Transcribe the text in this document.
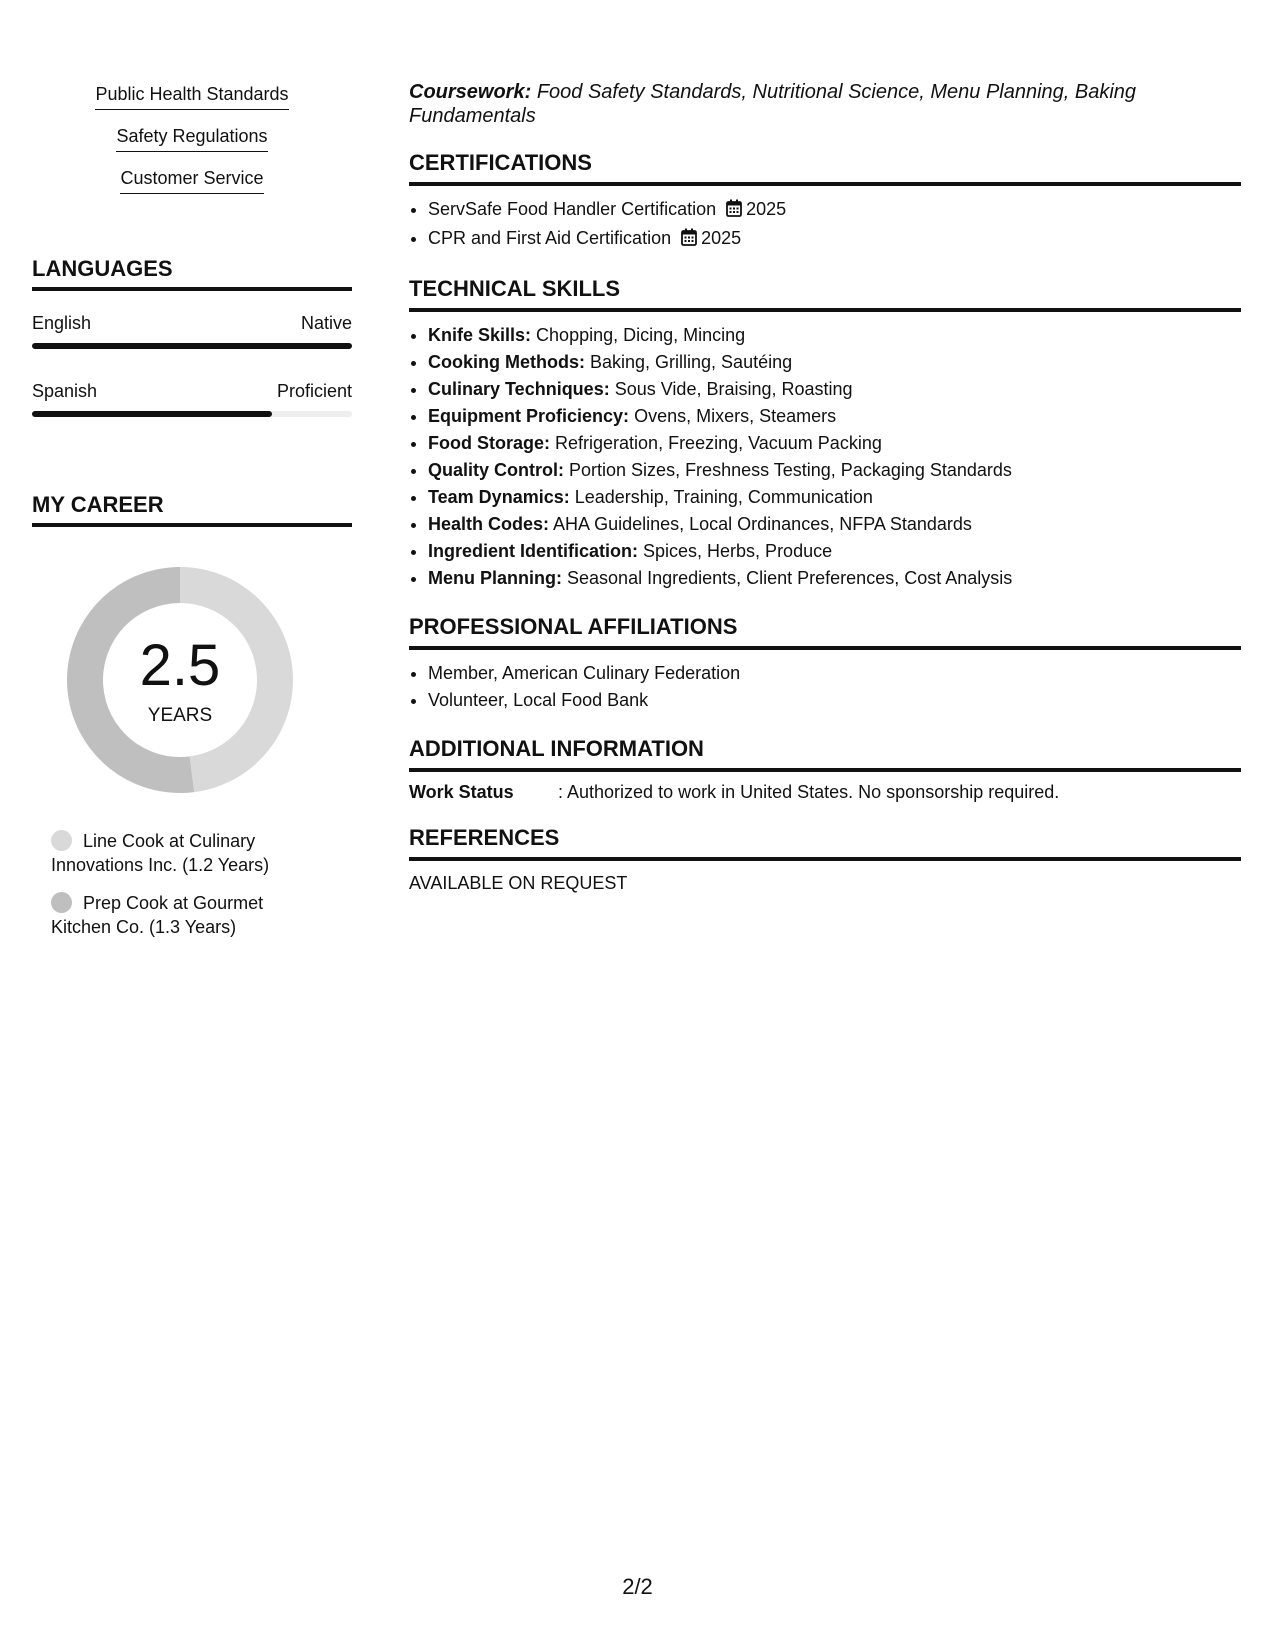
Public Health Standards
Safety Regulations
Customer Service
LANGUAGES
English	Native
Spanish	Proficient
MY CAREER
2.5
YEARS
Line Cook at Culinary Innovations Inc. (1.2 Years)
Prep Cook at Gourmet Kitchen Co. (1.3 Years)
Coursework: Food Safety Standards, Nutritional Science, Menu Planning, Baking Fundamentals
CERTIFICATIONS
• ServSafe Food Handler Certification 2025
• CPR and First Aid Certification 2025
TECHNICAL SKILLS
• Knife Skills: Chopping, Dicing, Mincing
• Cooking Methods: Baking, Grilling, Sautéing
• Culinary Techniques: Sous Vide, Braising, Roasting
• Equipment Proficiency: Ovens, Mixers, Steamers
• Food Storage: Refrigeration, Freezing, Vacuum Packing
• Quality Control: Portion Sizes, Freshness Testing, Packaging Standards
• Team Dynamics: Leadership, Training, Communication
• Health Codes: AHA Guidelines, Local Ordinances, NFPA Standards
• Ingredient Identification: Spices, Herbs, Produce
• Menu Planning: Seasonal Ingredients, Client Preferences, Cost Analysis
PROFESSIONAL AFFILIATIONS
• Member, American Culinary Federation
• Volunteer, Local Food Bank
ADDITIONAL INFORMATION
Work Status	: Authorized to work in United States. No sponsorship required.
REFERENCES
AVAILABLE ON REQUEST
2/2
